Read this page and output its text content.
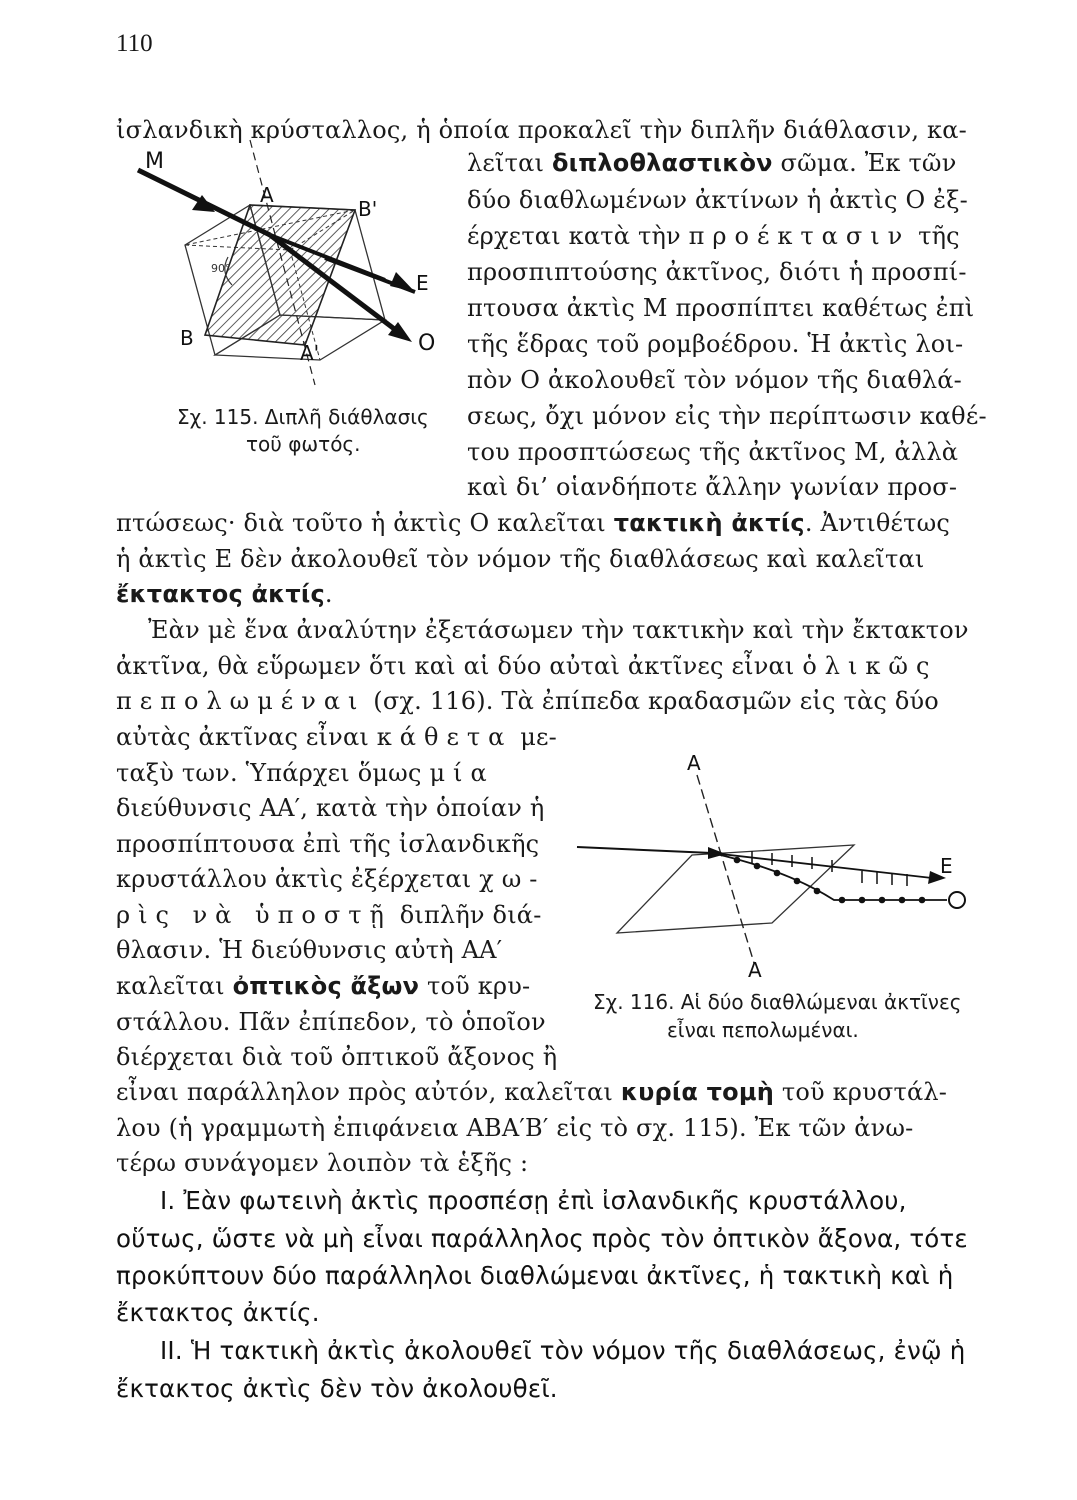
110
90°
M
A
B'
E
B
A'	O
Σχ. 115. Διπλῆ διάθλασις
τοῦ φωτός.
A
A
E
Σχ. 116. Αἱ δύο διαθλώμεναι ἀκτῖνες
εἶναι πεπολωμέναι.
ἰσλανδικὴ κρύσταλλος, ἡ ὁποία προκαλεῖ τὴν διπλῆν διάθλασιν, κα-
λεῖται διπλοθλαστικὸν σῶμα. Ἐκ τῶν
δύο διαθλωμένων ἀκτίνων ἡ ἀκτὶς Ο ἐξ-
έρχεται κατὰ τὴν προέκτασιν τῆς
προσπιπτούσης ἀκτῖνος, διότι ἡ προσπί-
πτουσα ἀκτὶς Μ προσπίπτει καθέτως ἐπὶ
τῆς ἕδρας τοῦ ρομβοέδρου. Ἡ ἀκτὶς λοι-
πὸν Ο ἀκολουθεῖ τὸν νόμον τῆς διαθλά-
σεως, ὄχι μόνον εἰς τὴν περίπτωσιν καθέ-
του προσπτώσεως τῆς ἀκτῖνος Μ, ἀλλὰ
καὶ δι’ οἱανδήποτε ἄλλην γωνίαν προσ-
πτώσεως· διὰ τοῦτο ἡ ἀκτὶς Ο καλεῖται τακτικὴ ἀκτίς. Ἀντιθέτως
ἡ ἀκτὶς Ε δὲν ἀκολουθεῖ τὸν νόμον τῆς διαθλάσεως καὶ καλεῖται
ἔκτακτος ἀκτίς.
Ἐὰν μὲ ἕνα ἀναλύτην ἐξετάσωμεν τὴν τακτικὴν καὶ τὴν ἔκτακτον
ἀκτῖνα, θὰ εὕρωμεν ὅτι καὶ αἱ δύο αὐταὶ ἀκτῖνες εἶναι ὁλικῶς
πεπολωμέναι (σχ. 116). Τὰ ἐπίπεδα κραδασμῶν εἰς τὰς δύο
αὐτὰς ἀκτῖνας εἶναι κάθετα με-
ταξὺ των. Ὑπάρχει ὅμως μία
διεύθυνσις ΑΑ′, κατὰ τὴν ὁποίαν ἡ
προσπίπτουσα ἐπὶ τῆς ἰσλανδικῆς
κρυστάλλου ἀκτὶς ἐξέρχεται χω-
ρὶς νὰ ὑποστῇ διπλῆν διά-
θλασιν. Ἡ διεύθυνσις αὐτὴ ΑΑ′
καλεῖται ὀπτικὸς ἄξων τοῦ κρυ-
στάλλου. Πᾶν ἐπίπεδον, τὸ ὁποῖον
διέρχεται διὰ τοῦ ὀπτικοῦ ἄξονος ἢ
εἶναι παράλληλον πρὸς αὐτόν, καλεῖται κυρία τομὴ τοῦ κρυστάλ-
λου (ἡ γραμμωτὴ ἐπιφάνεια ΑΒΑ′Β′ εἰς τὸ σχ. 115). Ἐκ τῶν ἀνω-
τέρω συνάγομεν λοιπὸν τὰ ἑξῆς :
I. Ἐὰν φωτεινὴ ἀκτὶς προσπέσῃ ἐπὶ ἰσλανδικῆς κρυστάλλου,
οὕτως, ὥστε νὰ μὴ εἶναι παράλληλος πρὸς τὸν ὀπτικὸν ἄξονα, τότε
προκύπτουν δύο παράλληλοι διαθλώμεναι ἀκτῖνες, ἡ τακτικὴ καὶ ἡ
ἔκτακτος ἀκτίς.
II. Ἡ τακτικὴ ἀκτὶς ἀκολουθεῖ τὸν νόμον τῆς διαθλάσεως, ἐνῷ ἡ
ἔκτακτος ἀκτὶς δὲν τὸν ἀκολουθεῖ.
